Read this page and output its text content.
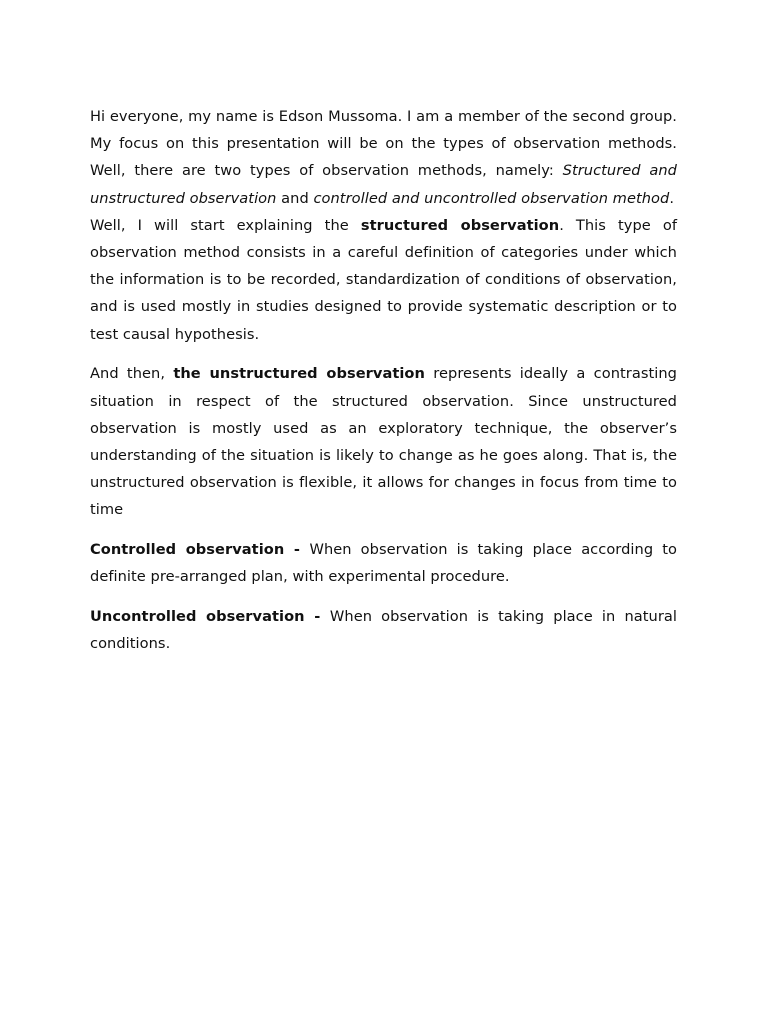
Hi everyone, my name is Edson Mussoma. I am a member of the second group. My focus on this presentation will be on the types of observation methods. Well, there are two types of observation methods, namely: Structured and unstructured observation and controlled and uncontrolled observation method.

Well, I will start explaining the structured observation. This type of observation method consists in a careful definition of categories under which the information is to be recorded, standardization of conditions of observation, and is used mostly in studies designed to provide systematic description or to test causal hypothesis.

And then, the unstructured observation represents ideally a contrasting situation in respect of the structured observation. Since unstructured observation is mostly used as an exploratory technique, the observer’s understanding of the situation is likely to change as he goes along. That is, the unstructured observation is flexible, it allows for changes in focus from time to time

Controlled observation - When observation is taking place according to definite pre-arranged plan, with experimental procedure.

Uncontrolled observation - When observation is taking place in natural conditions.
